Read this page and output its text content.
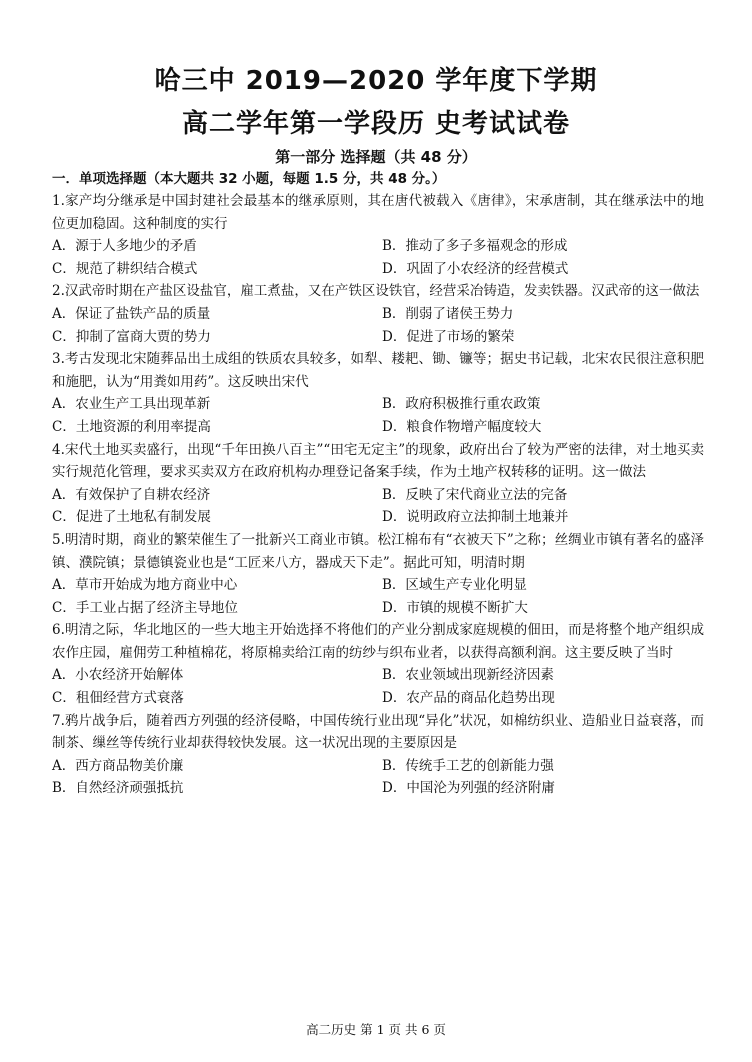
哈三中 2019—2020 学年度下学期
高二学年第一学段历 史考试试卷
第一部分 选择题（共 48 分）
一．单项选择题（本大题共 32 小题，每题 1.5 分，共 48 分。）
1.家产均分继承是中国封建社会最基本的继承原则，其在唐代被载入《唐律》，宋承唐制，其在继承法中的地位更加稳固。这种制度的实行
A．源于人多地少的矛盾	B．推动了多子多福观念的形成
C．规范了耕织结合模式	D．巩固了小农经济的经营模式
2.汉武帝时期在产盐区设盐官，雇工煮盐，又在产铁区设铁官，经营采冶铸造，发卖铁器。汉武帝的这一做法
A．保证了盐铁产品的质量	B．削弱了诸侯王势力
C．抑制了富商大贾的势力	D．促进了市场的繁荣
3.考古发现北宋随葬品出土成组的铁质农具较多，如犁、耧耙、锄、镰等；据史书记载，北宋农民很注意积肥和施肥，认为“用粪如用药”。这反映出宋代
A．农业生产工具出现革新	B．政府积极推行重农政策
C．土地资源的利用率提高	D．粮食作物增产幅度较大
4.宋代土地买卖盛行，出现“千年田换八百主”“田宅无定主”的现象，政府出台了较为严密的法律，对土地买卖实行规范化管理，要求买卖双方在政府机构办理登记备案手续，作为土地产权转移的证明。这一做法
A．有效保护了自耕农经济	B．反映了宋代商业立法的完备
C．促进了土地私有制发展	D．说明政府立法抑制土地兼并
5.明清时期，商业的繁荣催生了一批新兴工商业市镇。松江棉布有“衣被天下”之称；丝绸业市镇有著名的盛泽镇、濮院镇；景德镇瓷业也是“工匠来八方，器成天下走”。据此可知，明清时期
A．草市开始成为地方商业中心	B．区域生产专业化明显
C．手工业占据了经济主导地位	D．市镇的规模不断扩大
6.明清之际，华北地区的一些大地主开始选择不将他们的产业分割成家庭规模的佃田，而是将整个地产组织成农作庄园，雇佣劳工种植棉花，将原棉卖给江南的纺纱与织布业者，以获得高额利润。这主要反映了当时
A．小农经济开始解体	B．农业领域出现新经济因素
C．租佃经营方式衰落	D．农产品的商品化趋势出现
7.鸦片战争后，随着西方列强的经济侵略，中国传统行业出现“异化”状况，如棉纺织业、造船业日益衰落，而制茶、缫丝等传统行业却获得较快发展。这一状况出现的主要原因是
A．西方商品物美价廉	B．传统手工艺的创新能力强
B．自然经济顽强抵抗	D．中国沦为列强的经济附庸
高二历史 第 1 页 共 6 页
